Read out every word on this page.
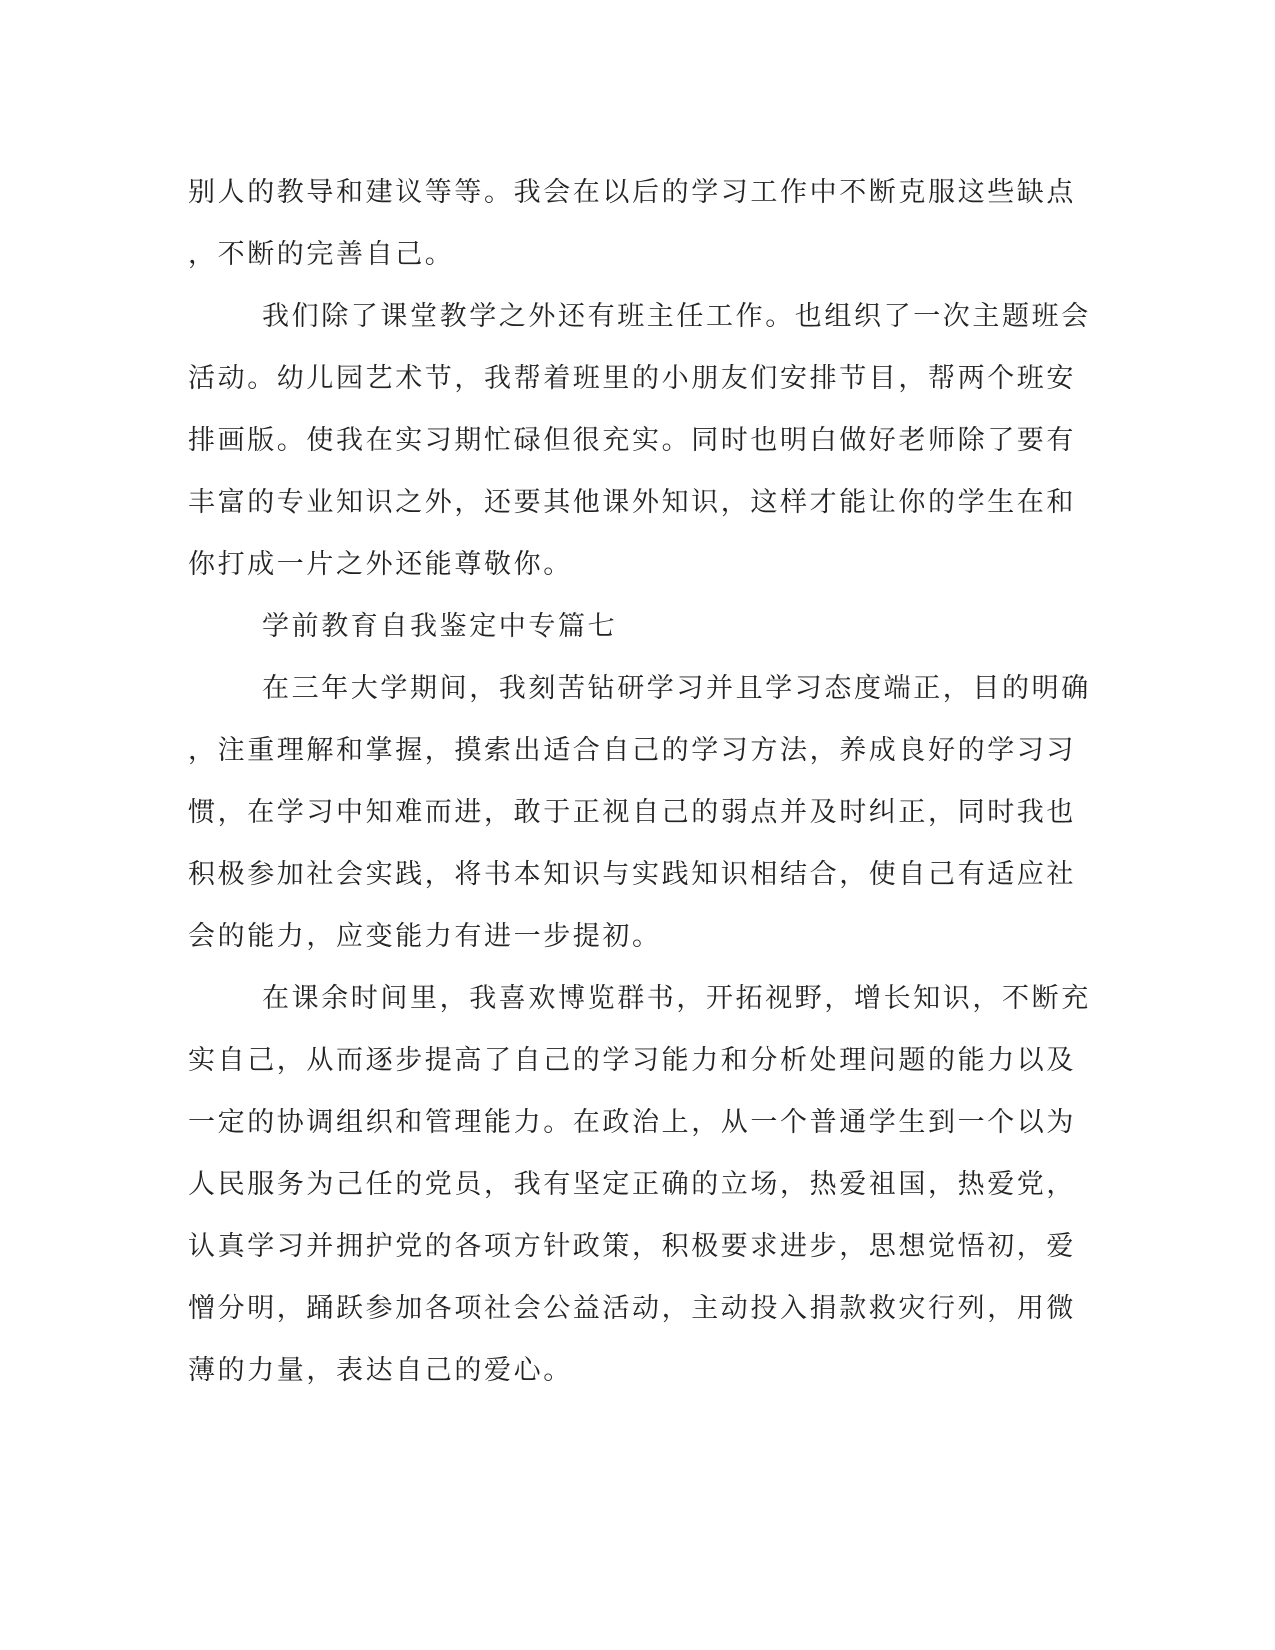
别人的教导和建议等等。我会在以后的学习工作中不断克服这些缺点
，不断的完善自己。
我们除了课堂教学之外还有班主任工作。也组织了一次主题班会
活动。幼儿园艺术节，我帮着班里的小朋友们安排节目，帮两个班安
排画版。使我在实习期忙碌但很充实。同时也明白做好老师除了要有
丰富的专业知识之外，还要其他课外知识，这样才能让你的学生在和
你打成一片之外还能尊敬你。
学前教育自我鉴定中专篇七
在三年大学期间，我刻苦钻研学习并且学习态度端正，目的明确
，注重理解和掌握，摸索出适合自己的学习方法，养成良好的学习习
惯，在学习中知难而进，敢于正视自己的弱点并及时纠正，同时我也
积极参加社会实践，将书本知识与实践知识相结合，使自己有适应社
会的能力，应变能力有进一步提初。
在课余时间里，我喜欢博览群书，开拓视野，增长知识，不断充
实自己，从而逐步提高了自己的学习能力和分析处理问题的能力以及
一定的协调组织和管理能力。在政治上，从一个普通学生到一个以为
人民服务为己任的党员，我有坚定正确的立场，热爱祖国，热爱党，
认真学习并拥护党的各项方针政策，积极要求进步，思想觉悟初，爱
憎分明，踊跃参加各项社会公益活动，主动投入捐款救灾行列，用微
薄的力量，表达自己的爱心。
